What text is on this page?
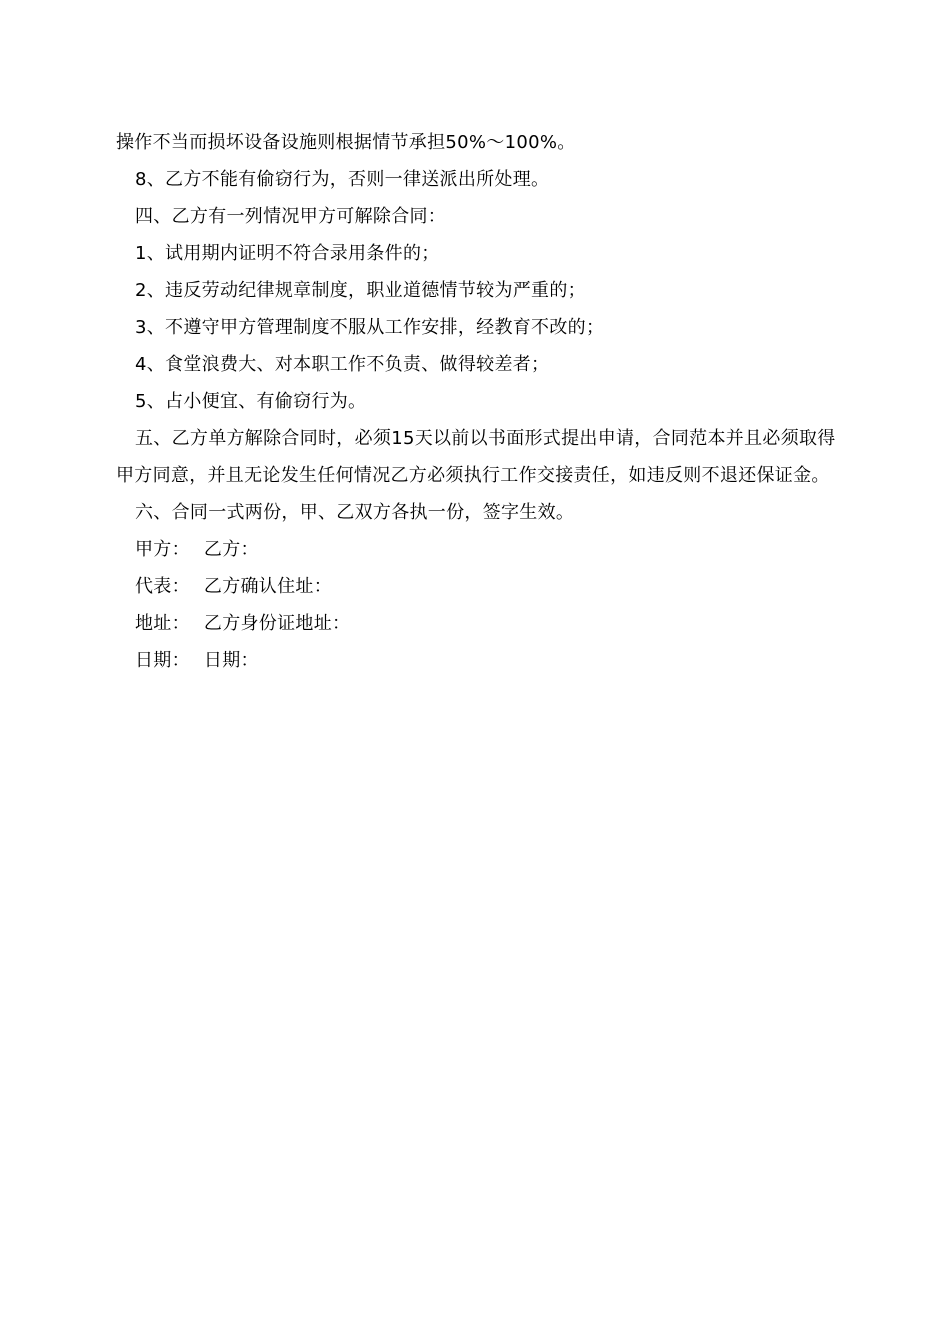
操作不当而损坏设备设施则根据情节承担50%～100%。

8、乙方不能有偷窃行为，否则一律送派出所处理。

四、乙方有一列情况甲方可解除合同：

1、试用期内证明不符合录用条件的；

2、违反劳动纪律规章制度，职业道德情节较为严重的；

3、不遵守甲方管理制度不服从工作安排，经教育不改的；

4、食堂浪费大、对本职工作不负责、做得较差者；

5、占小便宜、有偷窃行为。

五、乙方单方解除合同时，必须15天以前以书面形式提出申请，合同范本并且必须取得甲方同意，并且无论发生任何情况乙方必须执行工作交接责任，如违反则不退还保证金。

六、合同一式两份，甲、乙双方各执一份，签字生效。

甲方： 乙方：

代表： 乙方确认住址：

地址： 乙方身份证地址：

日期： 日期：
